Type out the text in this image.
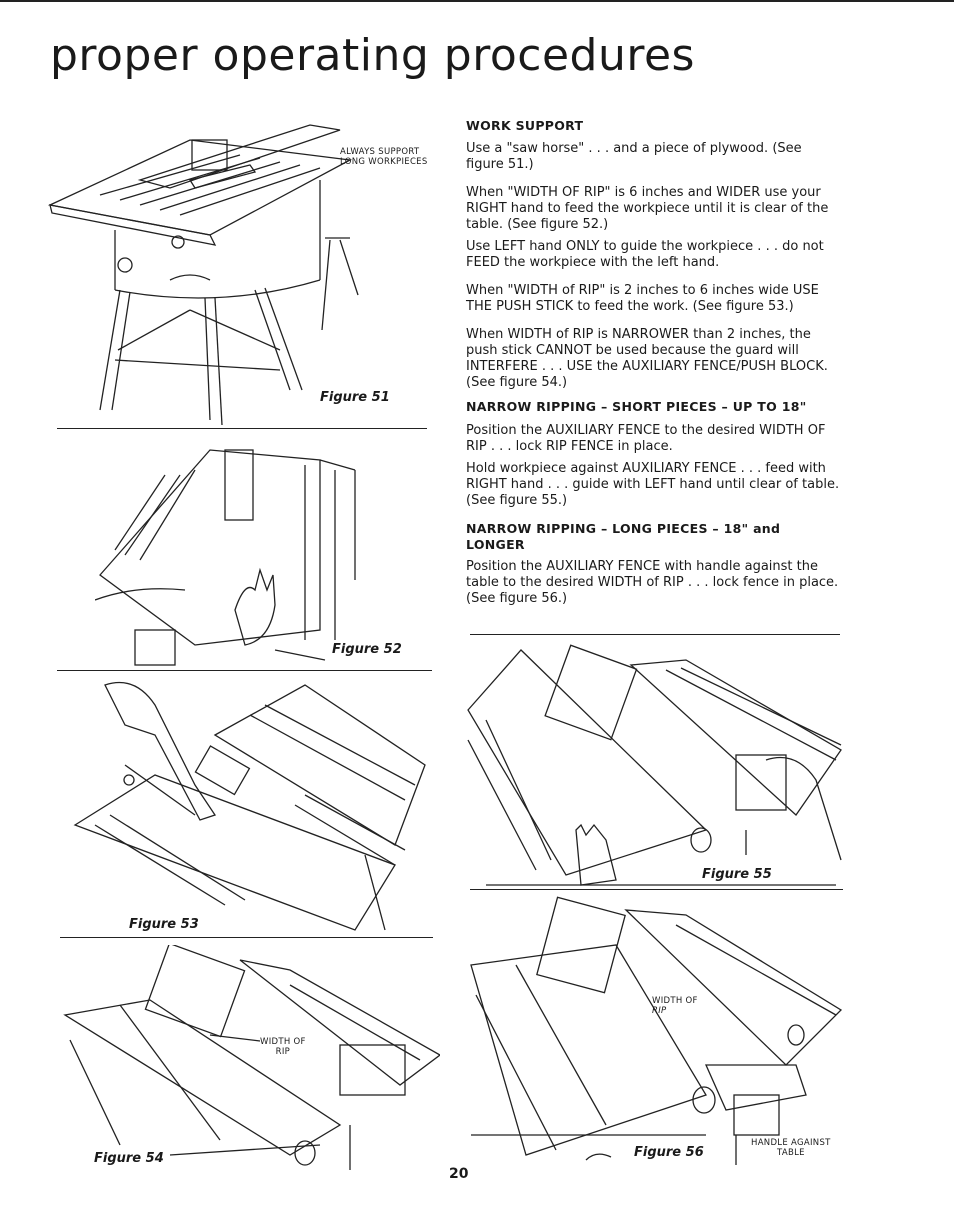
proper operating procedures
ALWAYS SUPPORT
LONG WORKPIECES
Figure 51
Figure 52
Figure 53
WIDTH OF
RIP
Figure 54

WORK SUPPORT

Use a "saw horse" . . . and a piece of plywood. (See figure 51.)

When "WIDTH OF RIP" is 6 inches and WIDER use your RIGHT hand to feed the workpiece until it is clear of the table. (See figure 52.)

Use LEFT hand ONLY to guide the workpiece . . . do not FEED the workpiece with the left hand.

When "WIDTH of RIP" is 2 inches to 6 inches wide USE THE PUSH STICK to feed the work. (See figure 53.)

When WIDTH of RIP is NARROWER than 2 inches, the push stick CANNOT be used because the guard will INTERFERE . . . USE the AUXILIARY FENCE/PUSH BLOCK. (See figure 54.)

NARROW RIPPING – SHORT PIECES – UP TO 18"

Position the AUXILIARY FENCE to the desired WIDTH OF RIP . . . lock RIP FENCE in place.

Hold workpiece against AUXILIARY FENCE . . . feed with RIGHT hand . . . guide with LEFT hand until clear of table. (See figure 55.)

NARROW RIPPING – LONG PIECES – 18" and LONGER

Position the AUXILIARY FENCE with handle against the table to the desired WIDTH of RIP . . . lock fence in place. (See figure 56.)

Figure 55
WIDTH OF
RIP
HANDLE AGAINST
TABLE
Figure 56
20
